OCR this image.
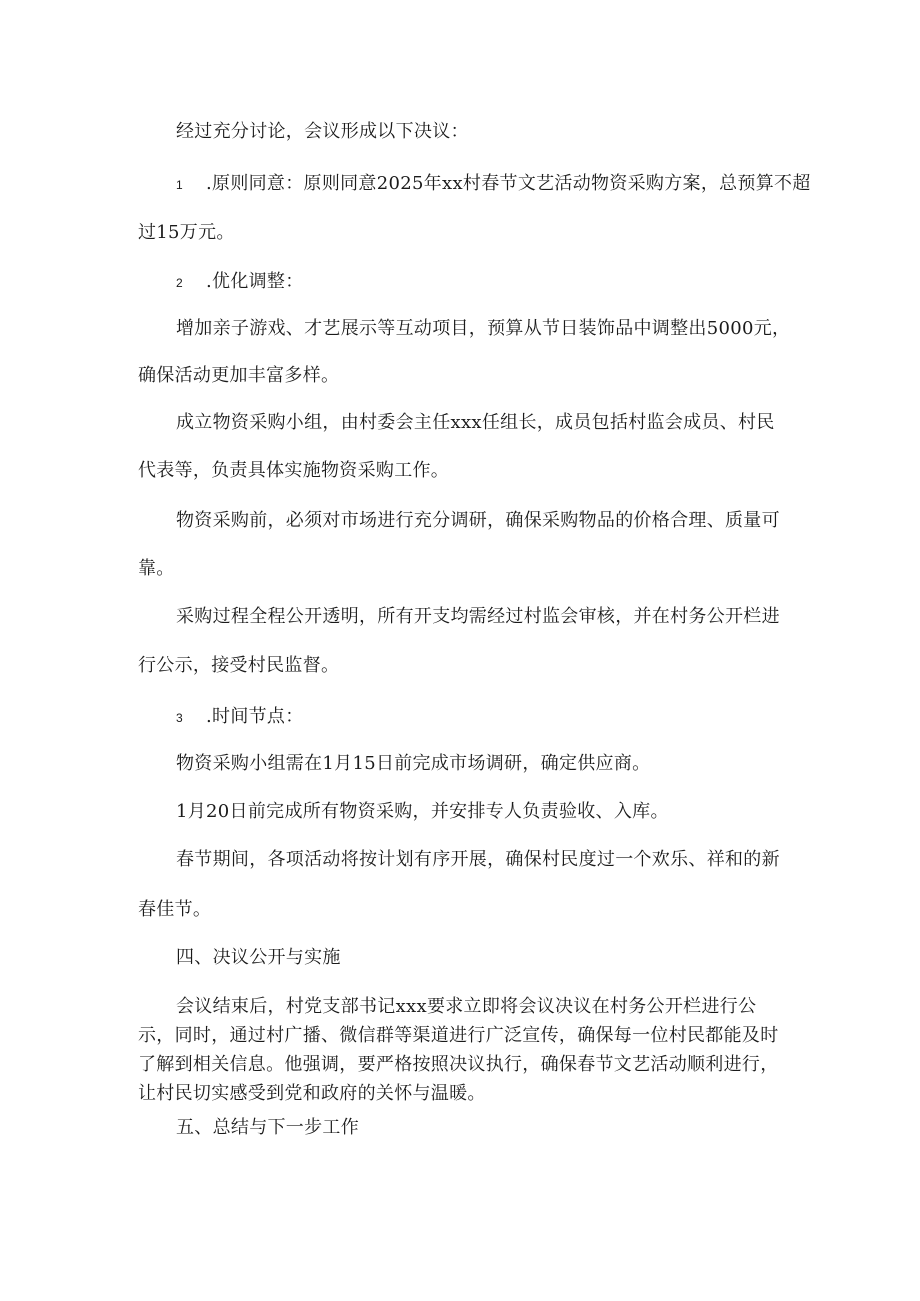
经过充分讨论，会议形成以下决议：
1 .原则同意：原则同意2025年xx村春节文艺活动物资采购方案，总预算不超
过15万元。
2 .优化调整：
增加亲子游戏、才艺展示等互动项目，预算从节日装饰品中调整出5000元，
确保活动更加丰富多样。
成立物资采购小组，由村委会主任xxx任组长，成员包括村监会成员、村民
代表等，负责具体实施物资采购工作。
物资采购前，必须对市场进行充分调研，确保采购物品的价格合理、质量可
靠。
采购过程全程公开透明，所有开支均需经过村监会审核，并在村务公开栏进
行公示，接受村民监督。
3 .时间节点：
物资采购小组需在1月15日前完成市场调研，确定供应商。
1月20日前完成所有物资采购，并安排专人负责验收、入库。
春节期间，各项活动将按计划有序开展，确保村民度过一个欢乐、祥和的新
春佳节。
四、决议公开与实施
会议结束后，村党支部书记xxx要求立即将会议决议在村务公开栏进行公示，同时，通过村广播、微信群等渠道进行广泛宣传，确保每一位村民都能及时了解到相关信息。他强调，要严格按照决议执行，确保春节文艺活动顺利进行，让村民切实感受到党和政府的关怀与温暖。
五、总结与下一步工作
